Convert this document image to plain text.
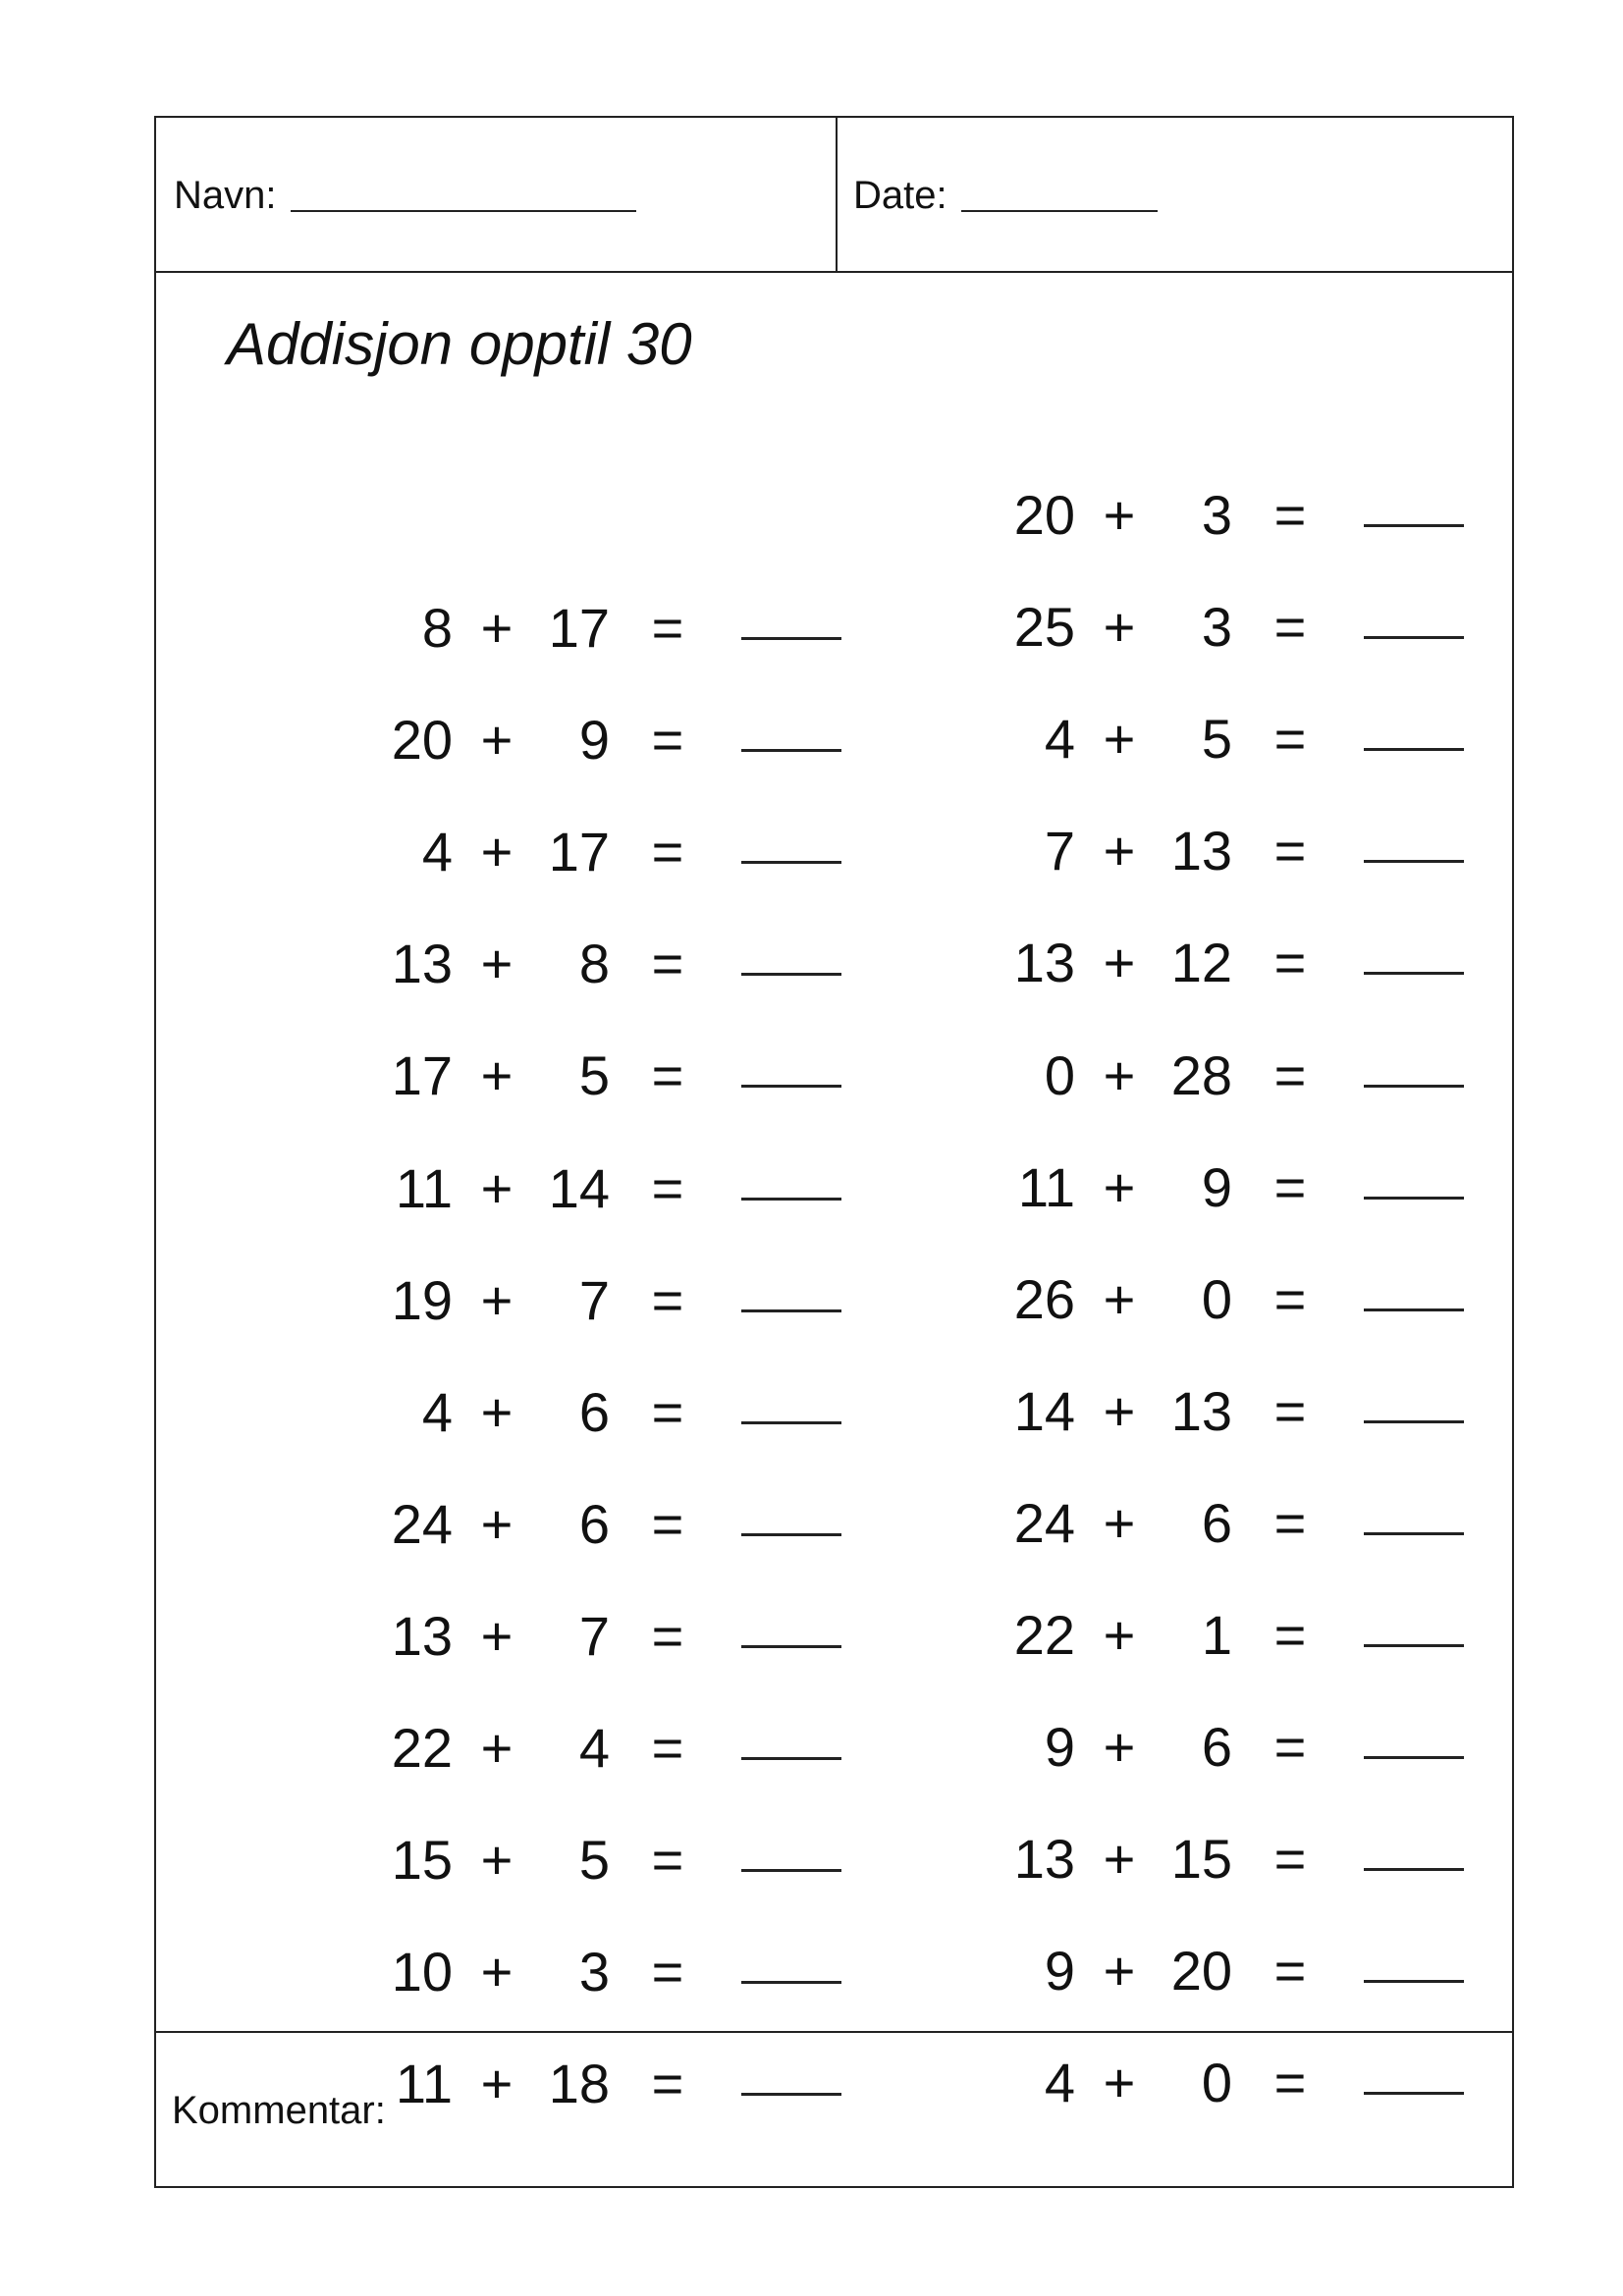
Navn:	Date:
Addisjon opptil 30
8 + 17 =
20 +	9 =
4 + 17 =
13 +	8 =
17 +	5 =
11 + 14 =
19 +	7 =
4 +	6 =
24 +	6 =
13 +	7 =
22 +	4 =
15 +	5 =
10 +	3 =
11 + 18 =
20 +	3 =
25 +	3 =
4 +	5 =
7 + 13 =
13 + 12 =
0 + 28 =
11 +	9 =
26 +	0 =
14 + 13 =
24 +	6 =
22 +	1 =
9 +	6 =
13 + 15 =
9 + 20 =
4 +	0 =
Kommentar:
